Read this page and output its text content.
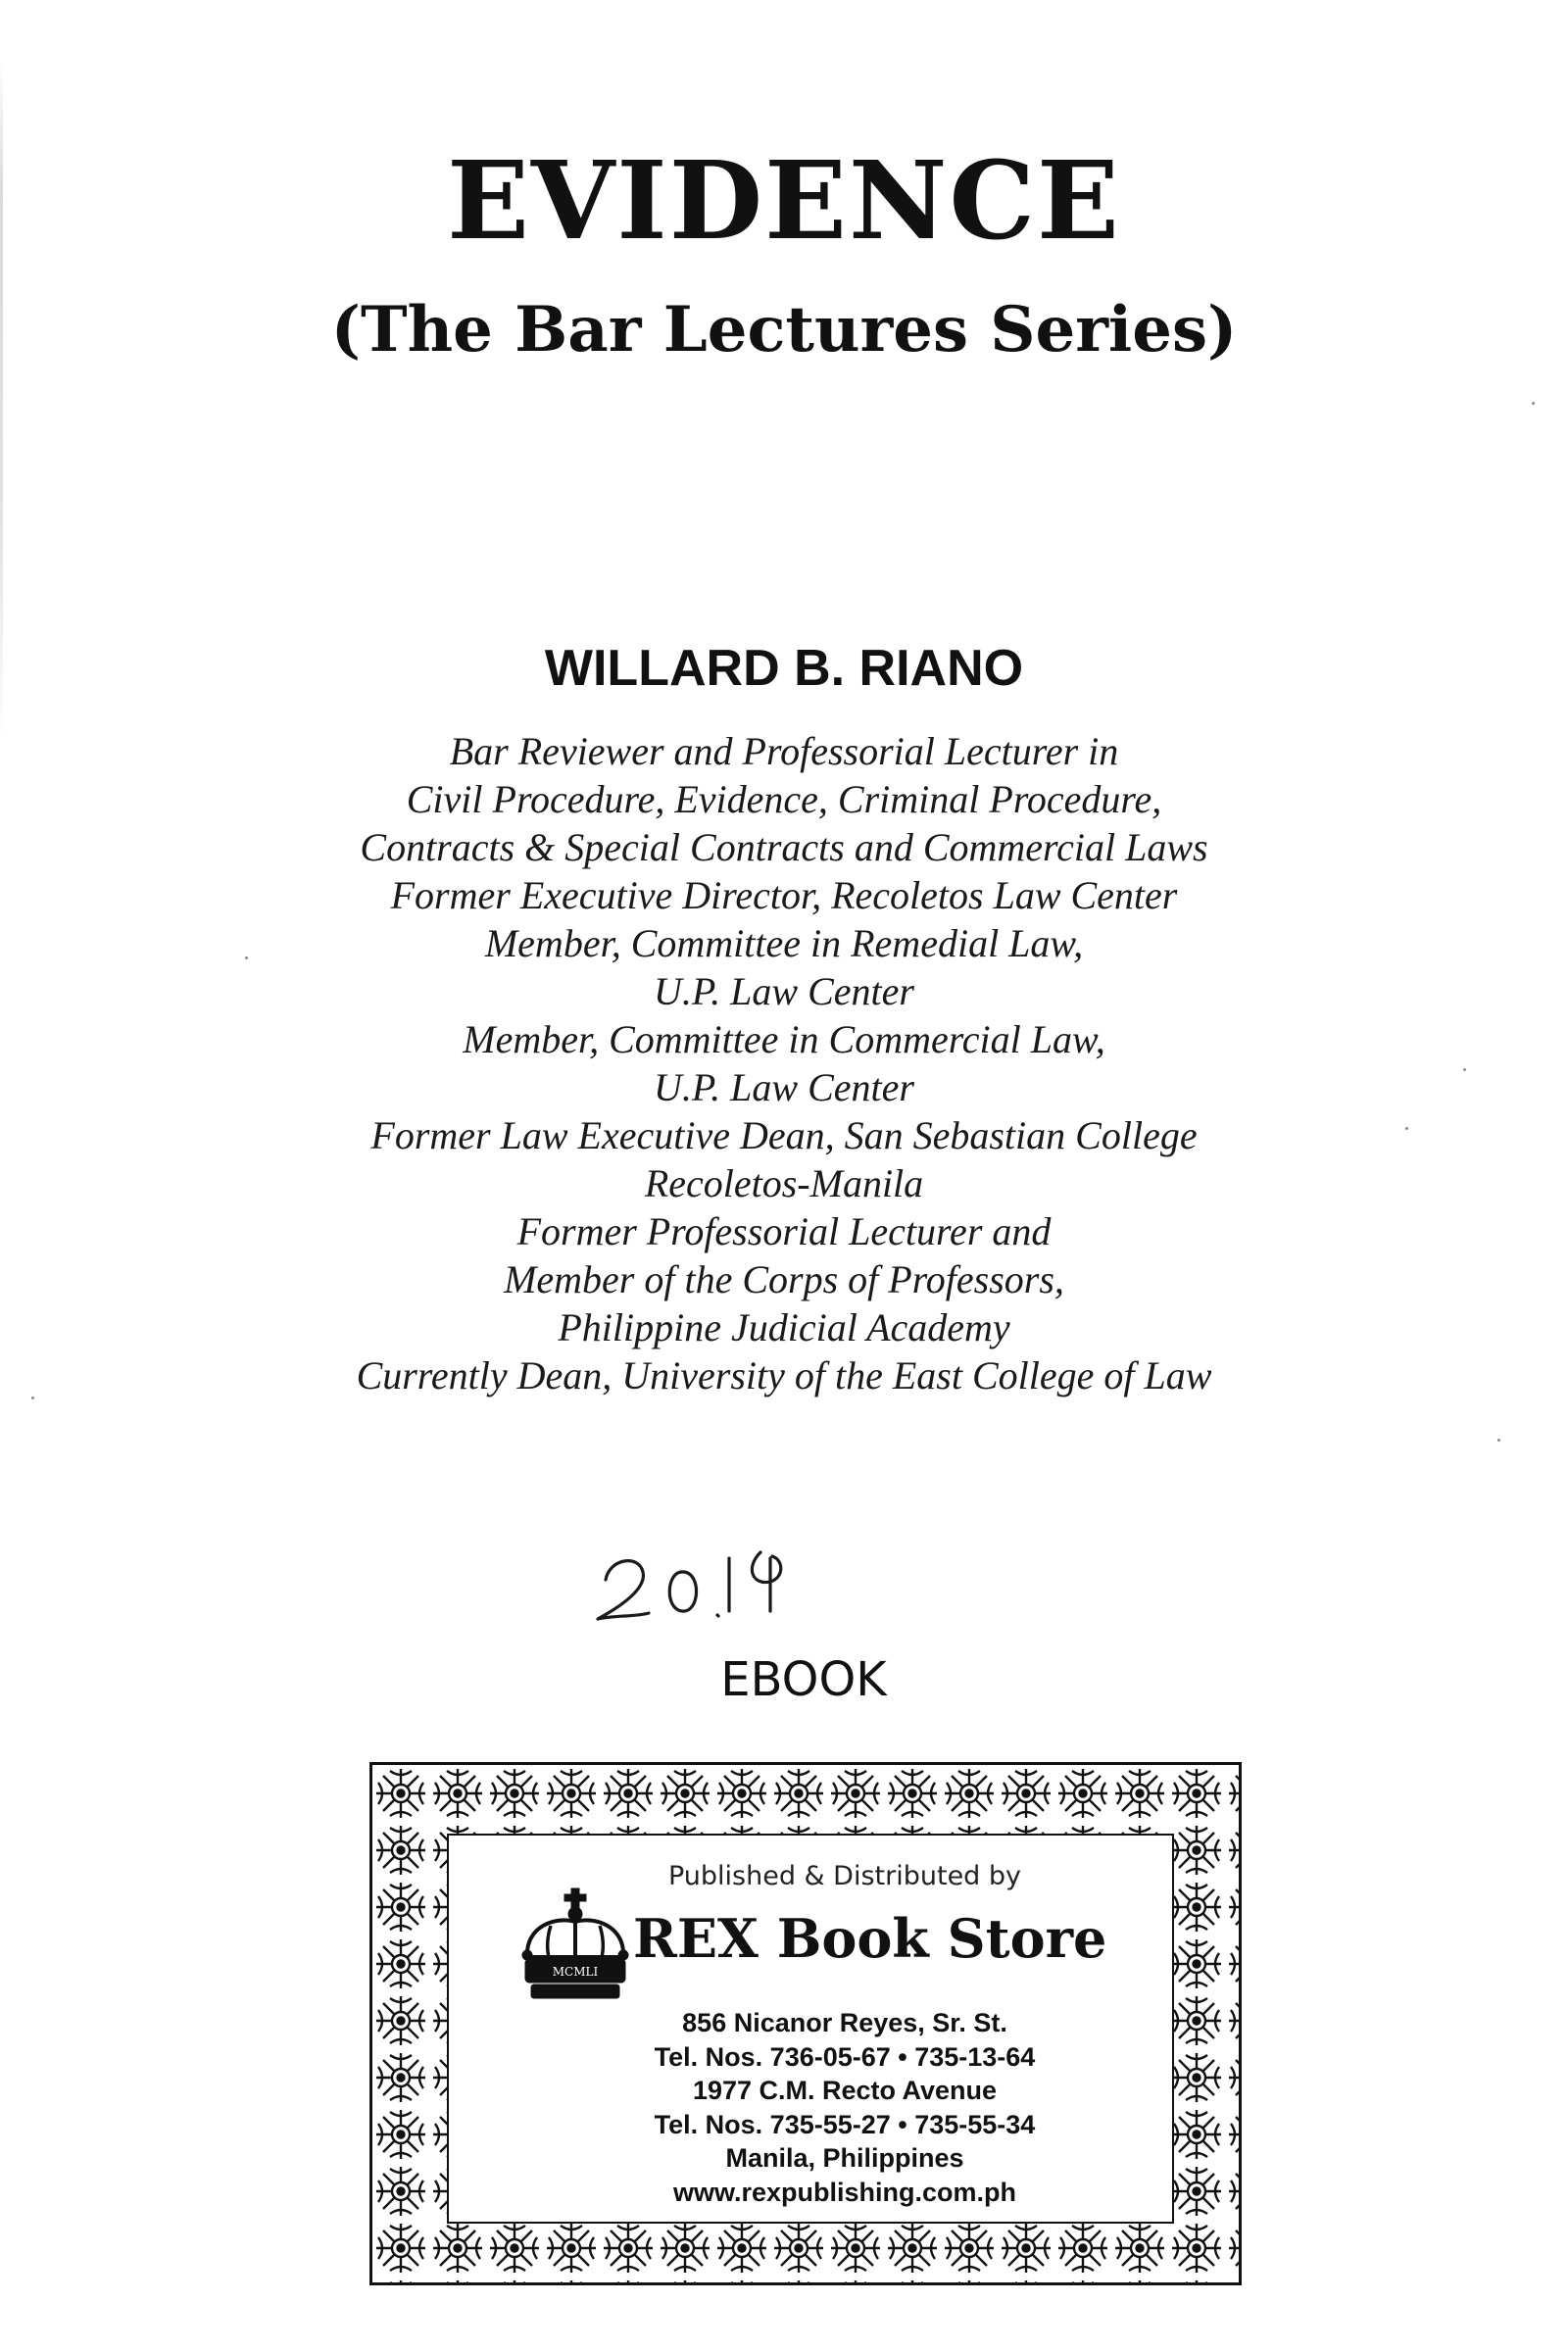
EVIDENCE
(The Bar Lectures Series)
WILLARD B. RIANO
Bar Reviewer and Professorial Lecturer in
Civil Procedure, Evidence, Criminal Procedure,
Contracts & Special Contracts and Commercial Laws
Former Executive Director, Recoletos Law Center
Member, Committee in Remedial Law,
U.P. Law Center
Member, Committee in Commercial Law,
U.P. Law Center
Former Law Executive Dean, San Sebastian College
Recoletos-Manila
Former Professorial Lecturer and
Member of the Corps of Professors,
Philippine Judicial Academy
Currently Dean, University of the East College of Law
EBOOK
Published & Distributed by
MCMLI
REX Book Store
856 Nicanor Reyes, Sr. St.
Tel. Nos. 736-05-67 • 735-13-64
1977 C.M. Recto Avenue
Tel. Nos. 735-55-27 • 735-55-34
Manila, Philippines
www.rexpublishing.com.ph
